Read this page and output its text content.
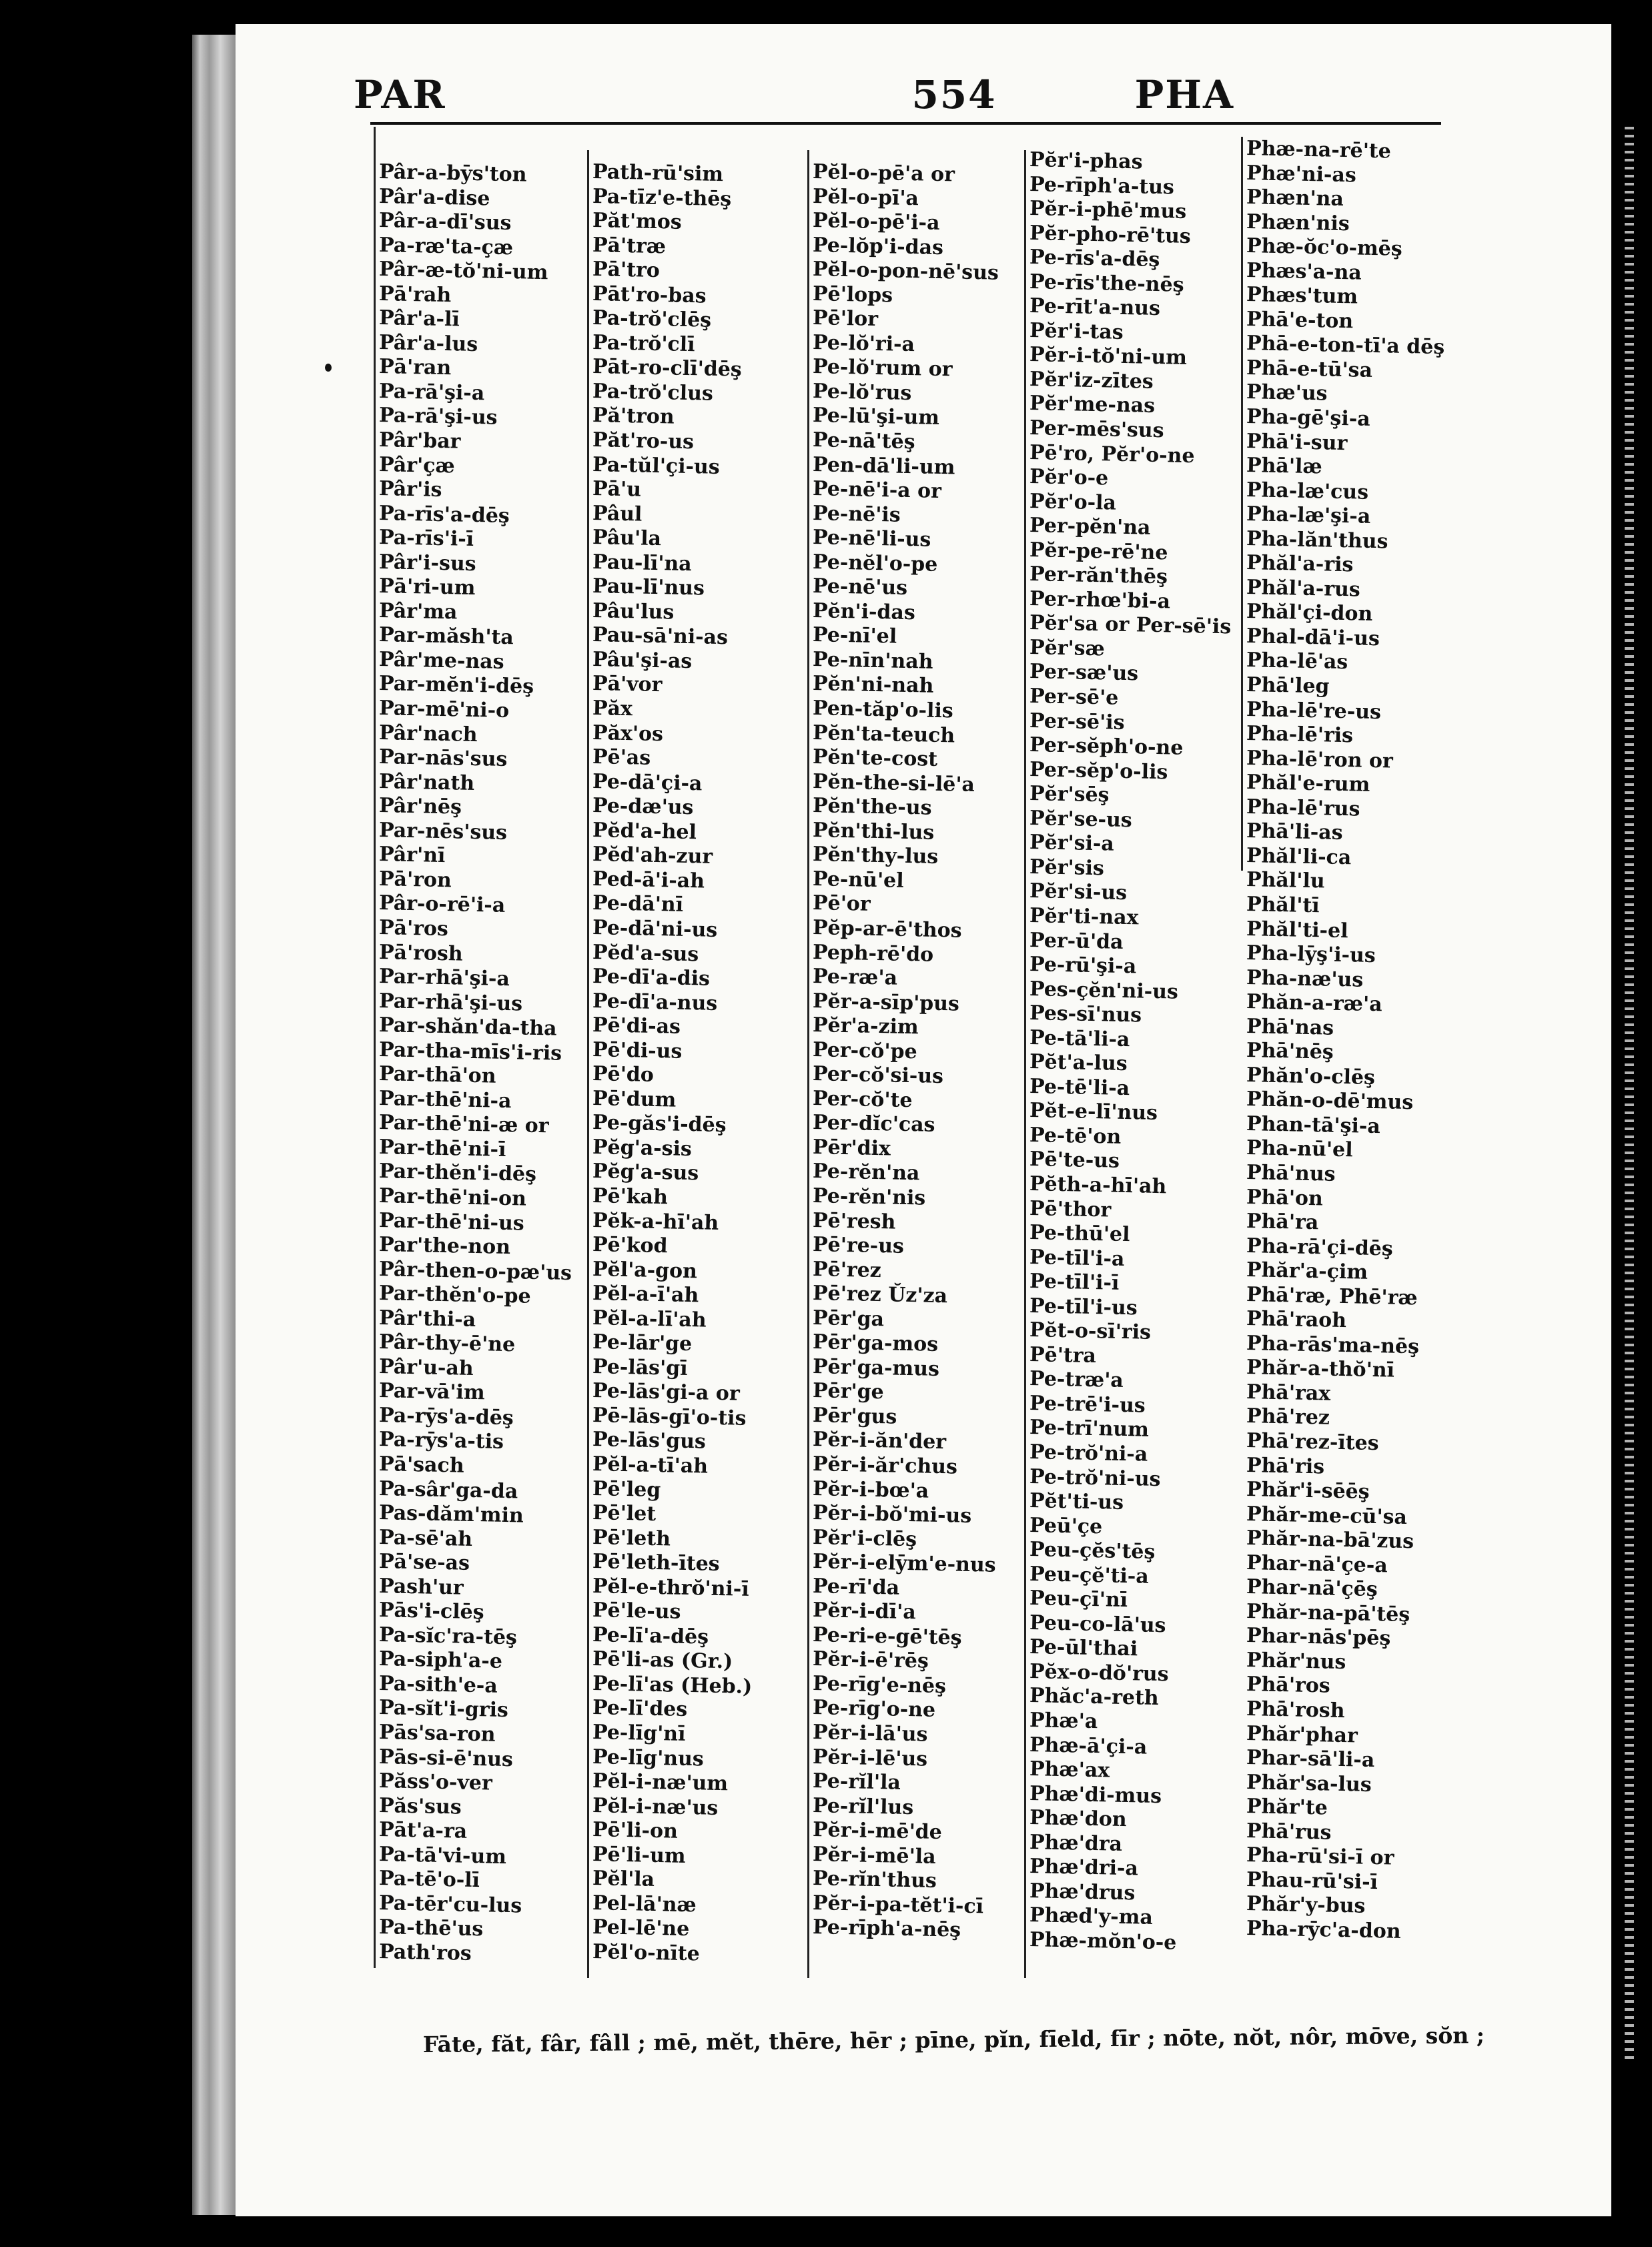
PAR	554	PHA
Pâr-a-bȳs'ton
Pâr'a-dise
Pâr-a-dī'sus
Pa-ræ'ta-çæ
Pâr-æ-tŏ'ni-um
Pā'rah
Pâr'a-lī
Pâr'a-lus
Pā'ran
Pa-rā'şi-a
Pa-rā'şi-us
Pâr'bar
Pâr'çæ
Pâr'is
Pa-rīs'a-dēş
Pa-rīs'i-ī
Pâr'i-sus
Pā'ri-um
Pâr'ma
Par-măsh'ta
Pâr'me-nas
Par-mĕn'i-dēş
Par-mē'ni-o
Pâr'nach
Par-nās'sus
Pâr'nath
Pâr'nēş
Par-nēs'sus
Pâr'nī
Pā'ron
Pâr-o-rē'i-a
Pā'ros
Pā'rosh
Par-rhā'şi-a
Par-rhā'şi-us
Par-shăn'da-tha
Par-tha-mīs'i-ris
Par-thā'on
Par-thē'ni-a
Par-thē'ni-æ or
Par-thē'ni-ī
Par-thĕn'i-dēş
Par-thē'ni-on
Par-thē'ni-us
Par'the-non
Pâr-then-o-pæ'us
Par-thĕn'o-pe
Pâr'thi-a
Pâr-thy-ē'ne
Pâr'u-ah
Par-vā'im
Pa-rȳs'a-dēş
Pa-rȳs'a-tis
Pā'sach
Pa-sâr'ga-da
Pas-dăm'min
Pa-sē'ah
Pā'se-as
Pash'ur
Pās'i-clēş
Pa-sĭc'ra-tēş
Pa-siph'a-e
Pa-sith'e-a
Pa-sĭt'i-gris
Pās'sa-ron
Pās-si-ē'nus
Păss'o-ver
Păs'sus
Pāt'a-ra
Pa-tā'vi-um
Pa-tē'o-lī
Pa-tēr'cu-lus
Pa-thē'us
Path'ros
Path-rū'sim
Pa-tīz'e-thēş
Păt'mos
Pā'træ
Pā'tro
Pāt'ro-bas
Pa-trŏ'clēş
Pa-trŏ'clī
Pāt-ro-clī'dēş
Pa-trŏ'clus
Pă'tron
Păt'ro-us
Pa-tŭl'çi-us
Pā'u
Pâul
Pâu'la
Pau-lī'na
Pau-lī'nus
Pâu'lus
Pau-sā'ni-as
Pâu'şi-as
Pā'vor
Păx
Păx'os
Pē'as
Pe-dā'çi-a
Pe-dæ'us
Pĕd'a-hel
Pĕd'ah-zur
Ped-ā'i-ah
Pe-dā'nī
Pe-dā'ni-us
Pĕd'a-sus
Pe-dī'a-dis
Pe-dī'a-nus
Pē'di-as
Pē'di-us
Pē'do
Pē'dum
Pe-găs'i-dēş
Pĕg'a-sis
Pĕg'a-sus
Pē'kah
Pĕk-a-hī'ah
Pē'kod
Pĕl'a-gon
Pĕl-a-ī'ah
Pĕl-a-lī'ah
Pe-lār'ge
Pe-lās'gī
Pe-lās'gi-a or
Pē-lās-gī'o-tis
Pe-lās'gus
Pĕl-a-tī'ah
Pē'leg
Pē'let
Pē'leth
Pē'leth-ītes
Pĕl-e-thrŏ'ni-ī
Pē'le-us
Pe-lī'a-dēş
Pē'li-as (Gr.)
Pe-lī'as (Heb.)
Pe-lī'des
Pe-līg'nī
Pe-līg'nus
Pĕl-i-næ'um
Pĕl-i-næ'us
Pē'li-on
Pē'li-um
Pĕl'la
Pel-lā'næ
Pel-lē'ne
Pĕl'o-nīte
Pĕl-o-pē'a or
Pĕl-o-pī'a
Pĕl-o-pē'i-a
Pe-lŏp'i-das
Pĕl-o-pon-nē'sus
Pē'lops
Pē'lor
Pe-lŏ'ri-a
Pe-lŏ'rum or
Pe-lŏ'rus
Pe-lū'şi-um
Pe-nā'tēş
Pen-dā'li-um
Pe-nē'i-a or
Pe-nē'is
Pe-nē'li-us
Pe-nĕl'o-pe
Pe-nē'us
Pĕn'i-das
Pe-nī'el
Pe-nīn'nah
Pĕn'ni-nah
Pen-tăp'o-lis
Pĕn'ta-teuch
Pĕn'te-cost
Pĕn-the-si-lē'a
Pĕn'the-us
Pĕn'thi-lus
Pĕn'thy-lus
Pe-nū'el
Pē'or
Pĕp-ar-ē'thos
Peph-rē'do
Pe-ræ'a
Pĕr-a-sīp'pus
Pĕr'a-zim
Per-cŏ'pe
Per-cŏ'si-us
Per-cŏ'te
Per-dĭc'cas
Pēr'dix
Pe-rĕn'na
Pe-rĕn'nis
Pē'resh
Pē're-us
Pē'rez
Pē'rez Ŭz'za
Pēr'ga
Pēr'ga-mos
Pēr'ga-mus
Pēr'ge
Pēr'gus
Pĕr-i-ăn'der
Pĕr-i-ăr'chus
Pĕr-i-bœ'a
Pĕr-i-bŏ'mi-us
Pĕr'i-clēş
Pĕr-i-elȳm'e-nus
Pe-rī'da
Pĕr-i-dī'a
Pe-ri-e-gē'tēş
Pĕr-i-ē'rēş
Pe-rīg'e-nēş
Pe-rīg'o-ne
Pĕr-i-lā'us
Pĕr-i-lē'us
Pe-rĭl'la
Pe-rĭl'lus
Pĕr-i-mē'de
Pĕr-i-mē'la
Pe-rĭn'thus
Pĕr-i-pa-tĕt'i-cī
Pe-rīph'a-nēş
Pĕr'i-phas
Pe-rīph'a-tus
Pĕr-i-phē'mus
Pĕr-pho-rē'tus
Pe-rīs'a-dēş
Pe-rīs'the-nēş
Pe-rīt'a-nus
Pĕr'i-tas
Pĕr-i-tŏ'ni-um
Pĕr'iz-zītes
Pĕr'me-nas
Per-mēs'sus
Pē'ro, Pĕr'o-ne
Pĕr'o-e
Pĕr'o-la
Per-pĕn'na
Pĕr-pe-rē'ne
Per-răn'thēş
Per-rhœ'bi-a
Pĕr'sa or Per-sē'is
Pĕr'sæ
Per-sæ'us
Per-sē'e
Per-sē'is
Per-sĕph'o-ne
Per-sĕp'o-lis
Pĕr'sēş
Pĕr'se-us
Pĕr'si-a
Pĕr'sis
Pĕr'si-us
Pĕr'ti-nax
Per-ū'da
Pe-rū'şi-a
Pes-çĕn'ni-us
Pes-sī'nus
Pe-tā'li-a
Pĕt'a-lus
Pe-tē'li-a
Pĕt-e-lī'nus
Pe-tē'on
Pē'te-us
Pĕth-a-hī'ah
Pē'thor
Pe-thū'el
Pe-tīl'i-a
Pe-tīl'i-ī
Pe-tīl'i-us
Pĕt-o-sī'ris
Pē'tra
Pe-træ'a
Pe-trē'i-us
Pe-trī'num
Pe-trŏ'ni-a
Pe-trŏ'ni-us
Pĕt'ti-us
Peū'çe
Peu-çĕs'tēş
Peu-çĕ'ti-a
Peu-çī'nī
Peu-co-lā'us
Pe-ūl'thai
Pĕx-o-dŏ'rus
Phăc'a-reth
Phæ'a
Phæ-ā'çi-a
Phæ'ax
Phæ'di-mus
Phæ'don
Phæ'dra
Phæ'dri-a
Phæ'drus
Phæd'y-ma
Phæ-mŏn'o-e
Phæ-na-rē'te
Phæ'ni-as
Phæn'na
Phæn'nis
Phæ-ŏc'o-mēş
Phæs'a-na
Phæs'tum
Phā'e-ton
Phā-e-ton-tī'a dēş
Phā-e-tū'sa
Phæ'us
Pha-gē'şi-a
Phā'i-sur
Phā'læ
Pha-læ'cus
Pha-læ'şi-a
Pha-lăn'thus
Phăl'a-ris
Phăl'a-rus
Phăl'çi-don
Phal-dā'i-us
Pha-lē'as
Phā'leg
Pha-lē're-us
Pha-lē'ris
Pha-lē'ron or
Phăl'e-rum
Pha-lē'rus
Phā'li-as
Phăl'li-ca
Phăl'lu
Phăl'tī
Phăl'ti-el
Pha-lȳş'i-us
Pha-næ'us
Phăn-a-ræ'a
Phā'nas
Phā'nēş
Phăn'o-clēş
Phăn-o-dē'mus
Phan-tā'şi-a
Pha-nū'el
Phā'nus
Phā'on
Phā'ra
Pha-rā'çi-dēş
Phăr'a-çim
Phā'ræ, Phē'ræ
Phā'raoh
Pha-rās'ma-nēş
Phăr-a-thŏ'nī
Phā'rax
Phā'rez
Phā'rez-ītes
Phā'ris
Phăr'i-sēēş
Phăr-me-cū'sa
Phăr-na-bā'zus
Phar-nā'çe-a
Phar-nā'çēş
Phăr-na-pā'tēş
Phar-nās'pēş
Phăr'nus
Phā'ros
Phā'rosh
Phăr'phar
Phar-sā'li-a
Phăr'sa-lus
Phăr'te
Phā'rus
Pha-rū'si-ī or
Phau-rū'si-ī
Phăr'y-bus
Pha-rȳc'a-don
Fāte, făt, fâr, fâll ; mē, mĕt, thēre, hēr ; pīne, pĭn, fīeld, fīr ; nōte, nŏt, nôr, mōve, sŏn ;
